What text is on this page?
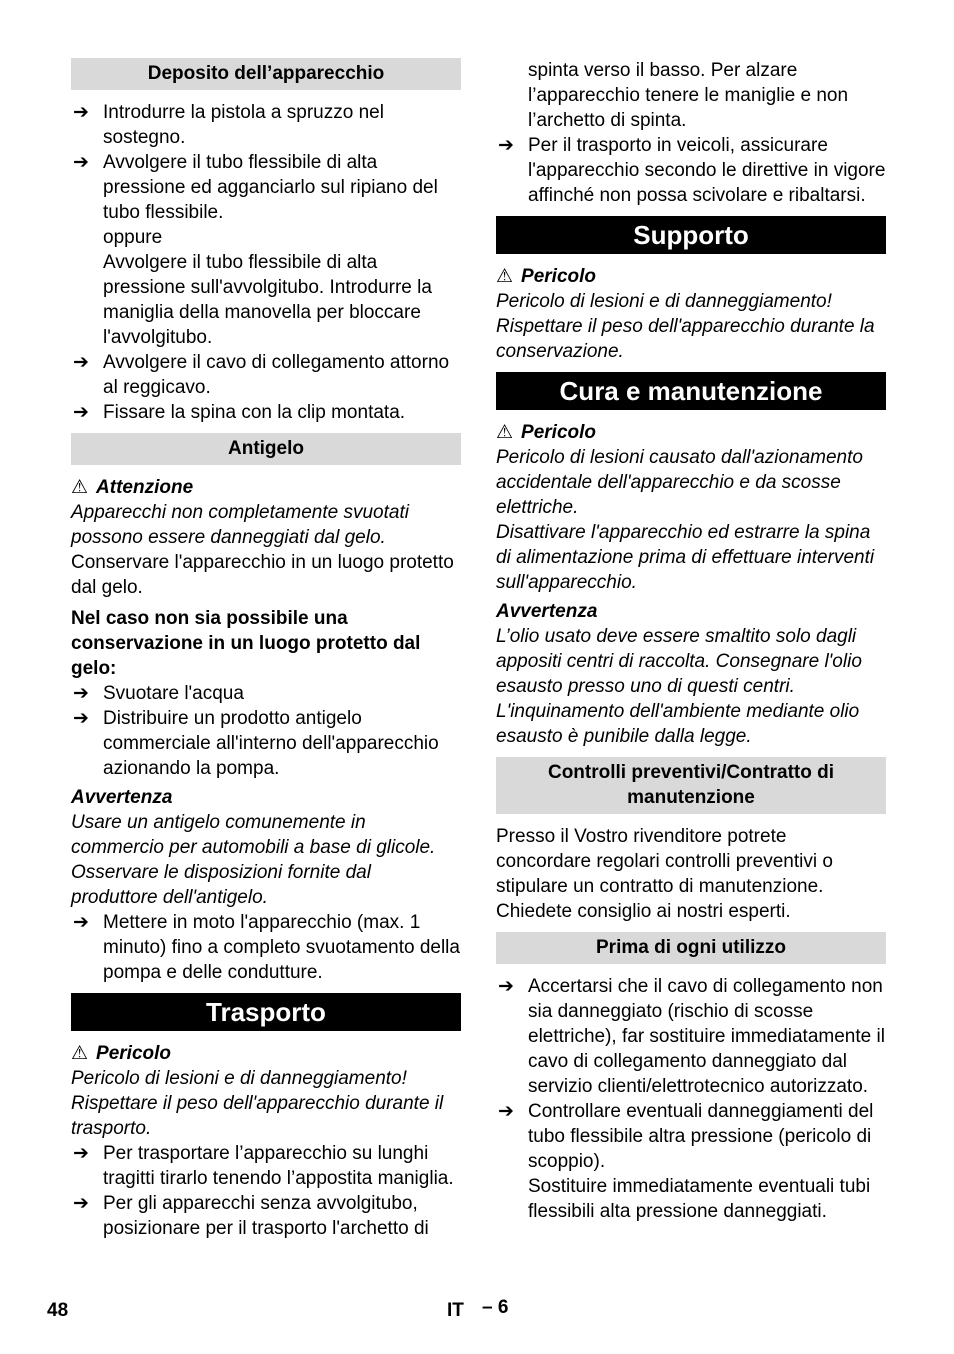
Deposito dell’apparecchio
➔ Introdurre la pistola a spruzzo nel sostegno.
➔ Avvolgere il tubo flessibile di alta pressione ed agganciarlo sul ripiano del tubo flessibile.
oppure
Avvolgere il tubo flessibile di alta pressione sull'avvolgitubo. Introdurre la maniglia della manovella per bloccare l'avvolgitubo.
➔ Avvolgere il cavo di collegamento attorno al reggicavo.
➔ Fissare la spina con la clip montata.
Antigelo

⚠ Attenzione

Apparecchi non completamente svuotati possono essere danneggiati dal gelo.

Conservare l'apparecchio in un luogo protetto dal gelo.

Nel caso non sia possibile una conservazione in un luogo protetto dal gelo:

➔ Svuotare l'acqua
➔ Distribuire un prodotto antigelo commerciale all'interno dell'apparecchio azionando la pompa.

Avvertenza

Usare un antigelo comunemente in commercio per automobili a base di glicole.

Osservare le disposizioni fornite dal produttore dell'antigelo.

➔ Mettere in moto l'apparecchio (max. 1 minuto) fino a completo svuotamento della pompa e delle condutture.
Trasporto

⚠ Pericolo

Pericolo di lesioni e di danneggiamento! Rispettare il peso dell'apparecchio durante il trasporto.

➔ Per trasportare l’apparecchio su lunghi tragitti tirarlo tenendo l’appostita maniglia.
➔ Per gli apparecchi senza avvolgitubo, posizionare per il trasporto l'archetto di
spinta verso il basso. Per alzare l’apparecchio tenere le maniglie e non l’archetto di spinta.
➔ Per il trasporto in veicoli, assicurare l'apparecchio secondo le direttive in vigore affinché non possa scivolare e ribaltarsi.
Supporto

⚠ Pericolo

Pericolo di lesioni e di danneggiamento! Rispettare il peso dell'apparecchio durante la conservazione.

Cura e manutenzione

⚠ Pericolo

Pericolo di lesioni causato dall'azionamento accidentale dell'apparecchio e da scosse elettriche.

Disattivare l'apparecchio ed estrarre la spina di alimentazione prima di effettuare interventi sull'apparecchio.

Avvertenza

L’olio usato deve essere smaltito solo dagli appositi centri di raccolta. Consegnare l'olio esausto presso uno di questi centri. L'inquinamento dell'ambiente mediante olio esausto è punibile dalla legge.

Controlli preventivi/Contratto di manutenzione

Presso il Vostro rivenditore potrete concordare regolari controlli preventivi o stipulare un contratto di manutenzione. Chiedete consiglio ai nostri esperti.

Prima di ogni utilizzo
➔ Accertarsi che il cavo di collegamento non sia danneggiato (rischio di scosse elettriche), far sostituire immediatamente il cavo di collegamento danneggiato dal servizio clienti/elettrotecnico autorizzato.
➔ Controllare eventuali danneggiamenti del tubo flessibile altra pressione (pericolo di scoppio).
Sostituire immediatamente eventuali tubi flessibili alta pressione danneggiati.
48	IT – 6
